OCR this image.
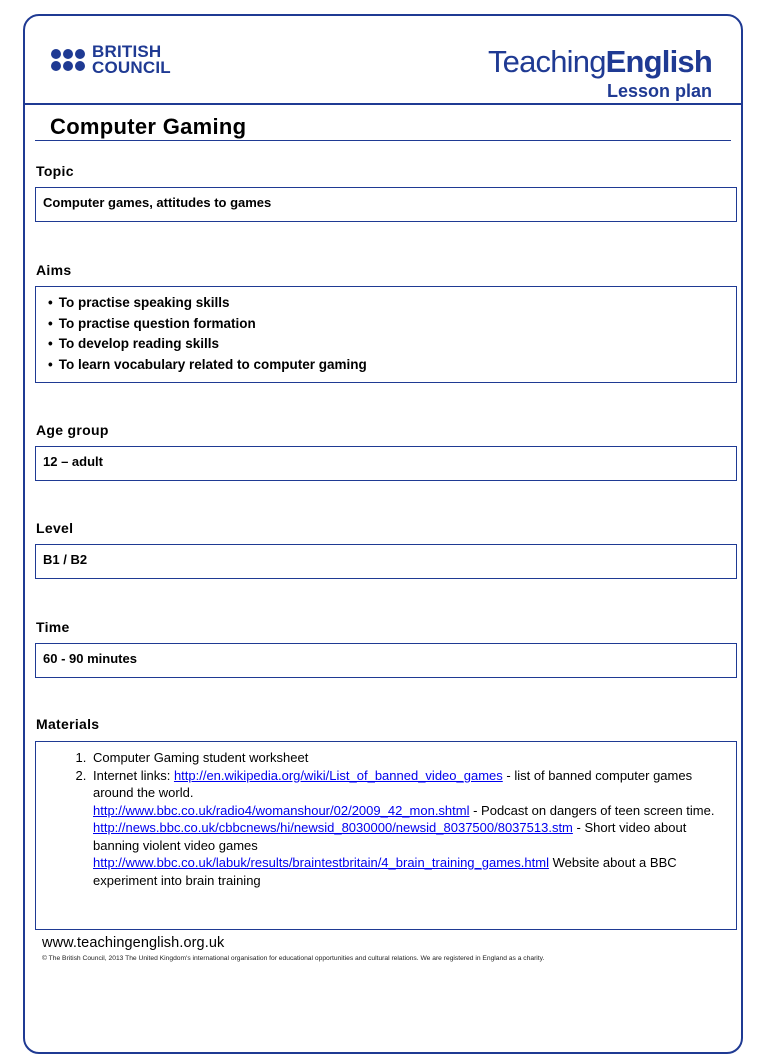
BRITISH
COUNCIL	TeachingEnglish
Lesson plan
Computer Gaming
Topic
Computer games, attitudes to games
Aims
• To practise speaking skills
• To practise question formation
• To develop reading skills
• To learn vocabulary related to computer gaming
Age group
12 – adult
Level
B1 / B2
Time
60 - 90 minutes
Materials
1. Computer Gaming student worksheet
2. Internet links: http://en.wikipedia.org/wiki/List_of_banned_video_games - list of banned computer games around the world.
http://www.bbc.co.uk/radio4/womanshour/02/2009_42_mon.shtml - Podcast on dangers of teen screen time.
http://news.bbc.co.uk/cbbcnews/hi/newsid_8030000/newsid_8037500/8037513.stm - Short video about banning violent video games
http://www.bbc.co.uk/labuk/results/braintestbritain/4_brain_training_games.html Website about a BBC experiment into brain training
www.teachingenglish.org.uk
© The British Council, 2013 The United Kingdom's international organisation for educational opportunities and cultural relations. We are registered in England as a charity.
